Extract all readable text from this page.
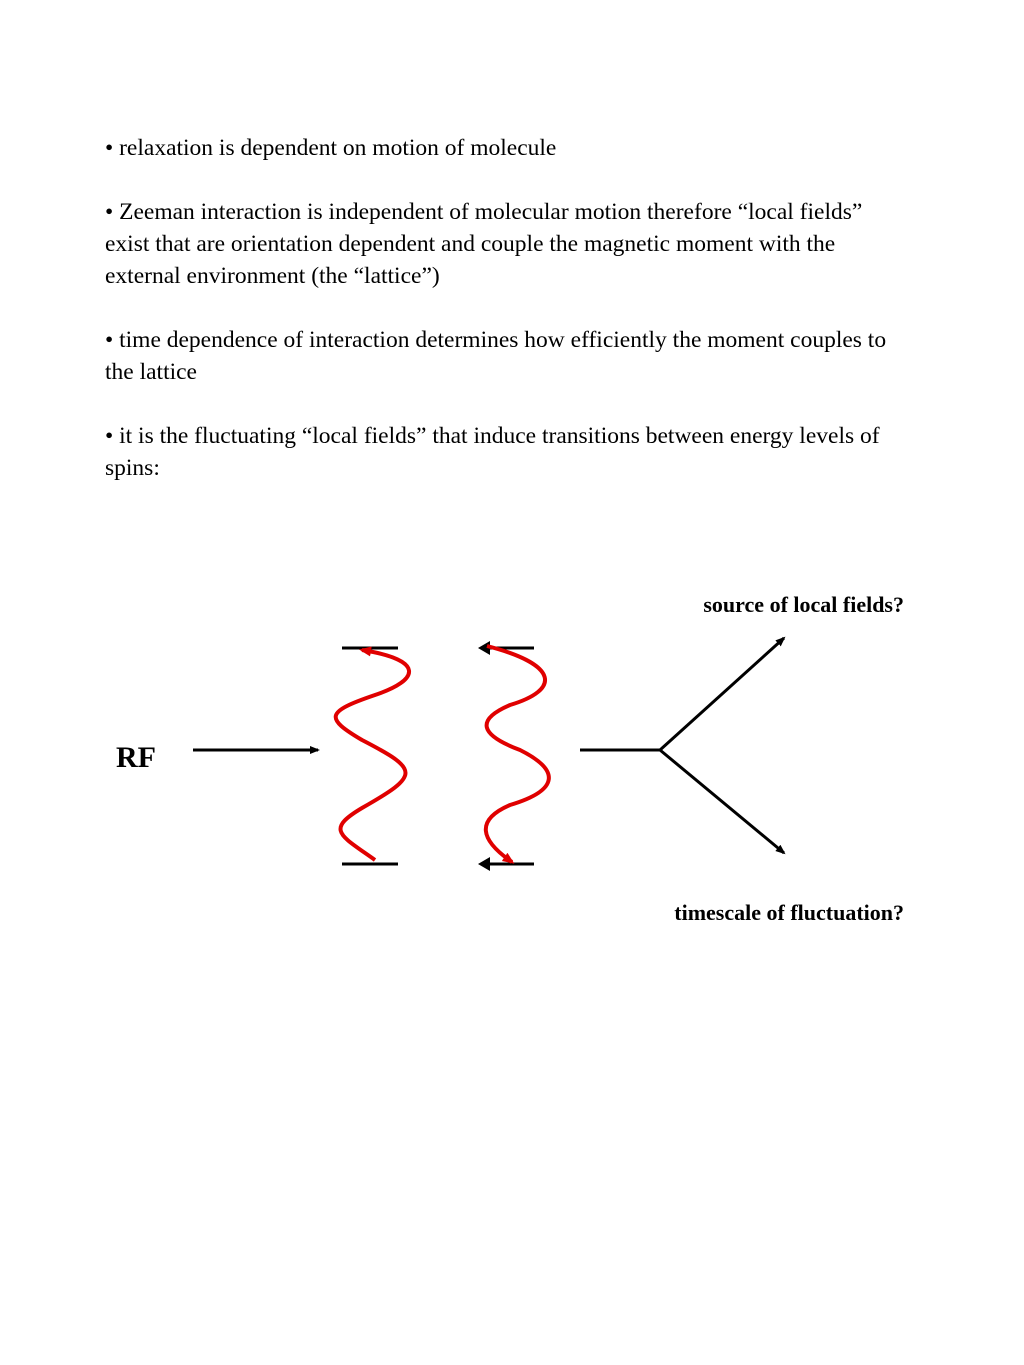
• relaxation is dependent on motion of molecule

• Zeeman interaction is independent of molecular motion therefore “local fields” exist that are orientation dependent and couple the magnetic moment with the external environment (the “lattice”)

• time dependence of interaction determines how efficiently the moment couples to the lattice

• it is the fluctuating “local fields” that induce transitions between energy levels of spins:

RF
source of local fields?
timescale of fluctuation?
